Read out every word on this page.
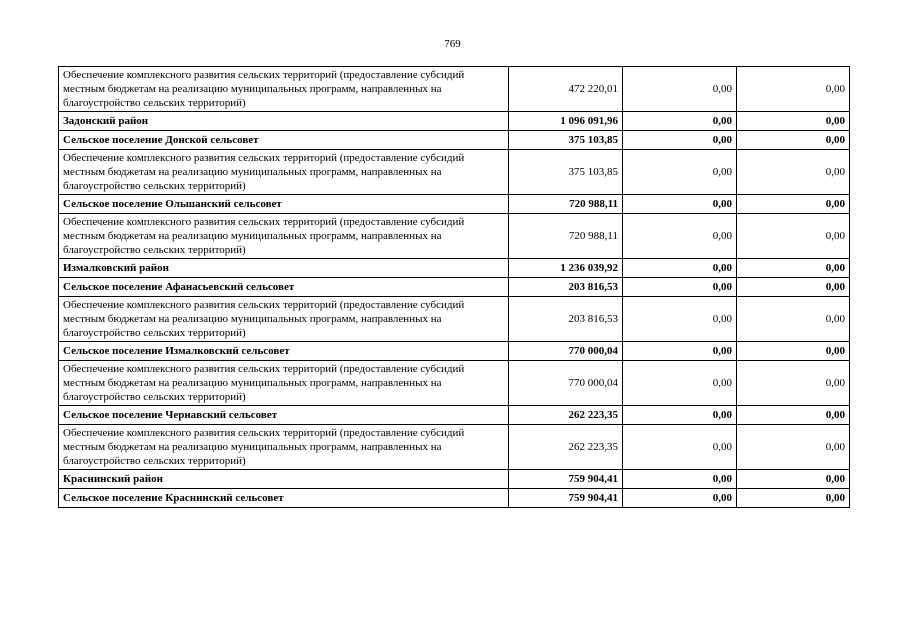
769
Обеспечение комплексного развития сельских территорий (предоставление субсидий местным бюджетам на реализацию муниципальных программ, направленных на благоустройство сельских территорий)	472 220,01	0,00	0,00
Задонский район	1 096 091,96	0,00	0,00
Сельское поселение Донской сельсовет	375 103,85	0,00	0,00
Обеспечение комплексного развития сельских территорий (предоставление субсидий местным бюджетам на реализацию муниципальных программ, направленных на благоустройство сельских территорий)	375 103,85	0,00	0,00
Сельское поселение Ольшанский сельсовет	720 988,11	0,00	0,00
Обеспечение комплексного развития сельских территорий (предоставление субсидий местным бюджетам на реализацию муниципальных программ, направленных на благоустройство сельских территорий)	720 988,11	0,00	0,00
Измалковский район	1 236 039,92	0,00	0,00
Сельское поселение Афанасьевский сельсовет	203 816,53	0,00	0,00
Обеспечение комплексного развития сельских территорий (предоставление субсидий местным бюджетам на реализацию муниципальных программ, направленных на благоустройство сельских территорий)	203 816,53	0,00	0,00
Сельское поселение Измалковский сельсовет	770 000,04	0,00	0,00
Обеспечение комплексного развития сельских территорий (предоставление субсидий местным бюджетам на реализацию муниципальных программ, направленных на благоустройство сельских территорий)	770 000,04	0,00	0,00
Сельское поселение Чернавский сельсовет	262 223,35	0,00	0,00
Обеспечение комплексного развития сельских территорий (предоставление субсидий местным бюджетам на реализацию муниципальных программ, направленных на благоустройство сельских территорий)	262 223,35	0,00	0,00
Краснинский район	759 904,41	0,00	0,00
Сельское поселение Краснинский сельсовет	759 904,41	0,00	0,00
